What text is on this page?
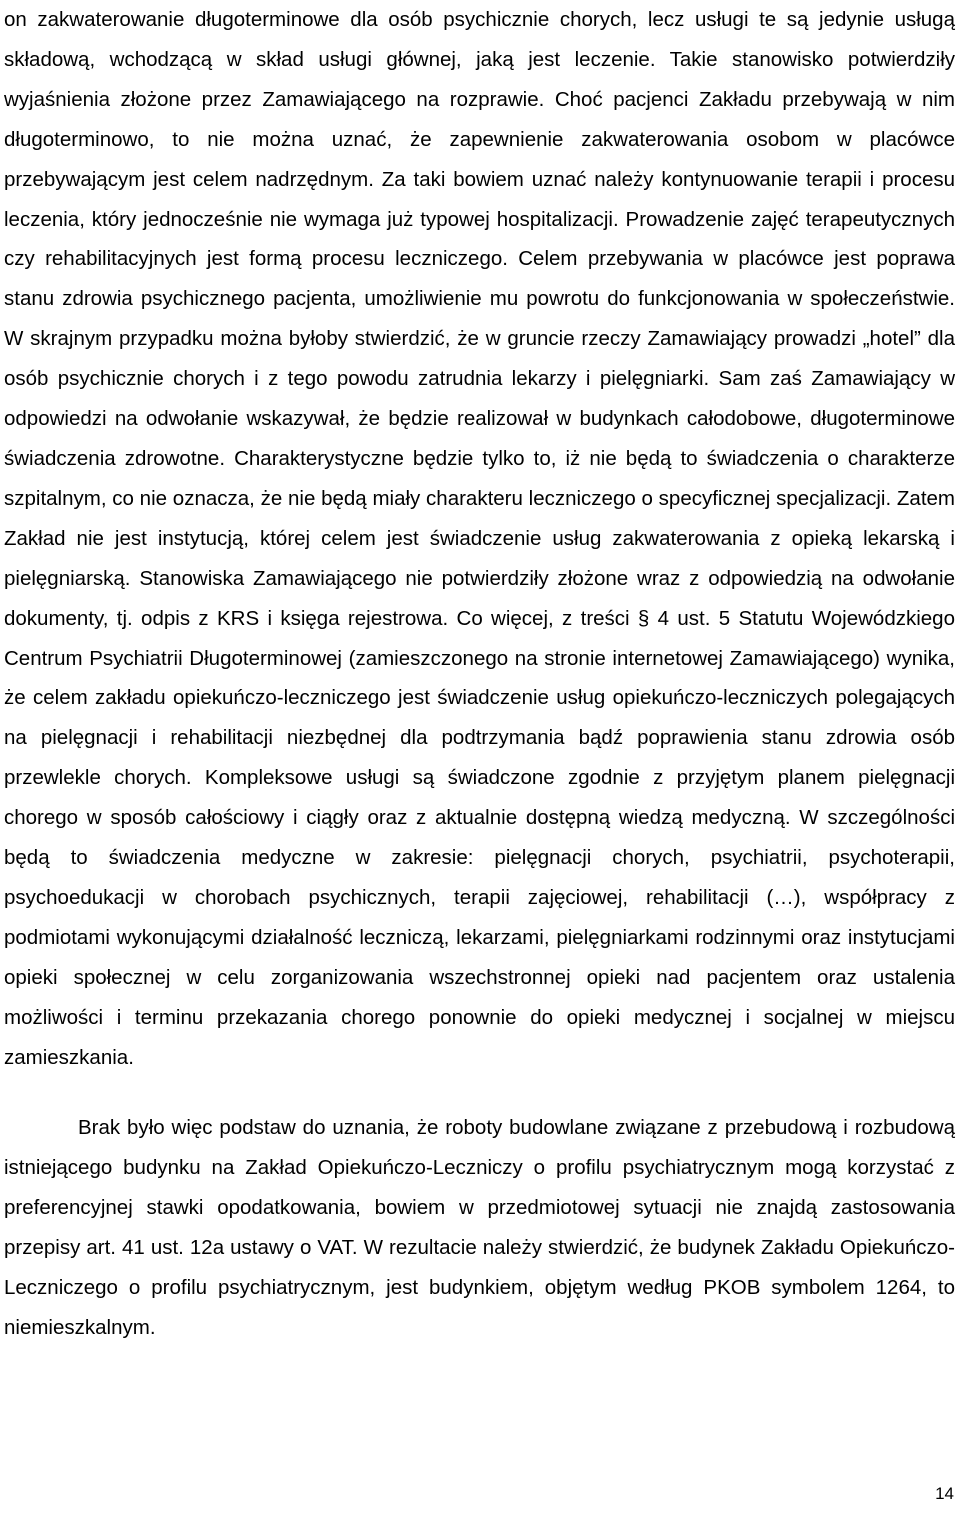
on zakwaterowanie długoterminowe dla osób psychicznie chorych, lecz usługi te są jedynie usługą składową, wchodzącą w skład usługi głównej, jaką jest leczenie. Takie stanowisko potwierdziły wyjaśnienia złożone przez Zamawiającego na rozprawie. Choć pacjenci Zakładu przebywają w nim długoterminowo, to nie można uznać, że zapewnienie zakwaterowania osobom w placówce przebywającym jest celem nadrzędnym. Za taki bowiem uznać należy kontynuowanie terapii i procesu leczenia, który jednocześnie nie wymaga już typowej hospitalizacji. Prowadzenie zajęć terapeutycznych czy rehabilitacyjnych jest formą procesu leczniczego. Celem przebywania w placówce jest poprawa stanu zdrowia psychicznego pacjenta, umożliwienie mu powrotu do funkcjonowania w społeczeństwie. W skrajnym przypadku można byłoby stwierdzić, że w gruncie rzeczy Zamawiający prowadzi „hotel” dla osób psychicznie chorych i z tego powodu zatrudnia lekarzy i pielęgniarki. Sam zaś Zamawiający w odpowiedzi na odwołanie wskazywał, że będzie realizował w budynkach całodobowe, długoterminowe świadczenia zdrowotne. Charakterystyczne będzie tylko to, iż nie będą to świadczenia o charakterze szpitalnym, co nie oznacza, że nie będą miały charakteru leczniczego o specyficznej specjalizacji. Zatem Zakład nie jest instytucją, której celem jest świadczenie usług zakwaterowania z opieką lekarską i pielęgniarską. Stanowiska Zamawiającego nie potwierdziły złożone wraz z odpowiedzią na odwołanie dokumenty, tj. odpis z KRS i księga rejestrowa. Co więcej, z treści § 4 ust. 5 Statutu Wojewódzkiego Centrum Psychiatrii Długoterminowej (zamieszczonego na stronie internetowej Zamawiającego) wynika, że celem zakładu opiekuńczo-leczniczego jest świadczenie usług opiekuńczo-leczniczych polegających na pielęgnacji i rehabilitacji niezbędnej dla podtrzymania bądź poprawienia stanu zdrowia osób przewlekle chorych. Kompleksowe usługi są świadczone zgodnie z przyjętym planem pielęgnacji chorego w sposób całościowy i ciągły oraz z aktualnie dostępną wiedzą medyczną. W szczególności będą to świadczenia medyczne w zakresie: pielęgnacji chorych, psychiatrii, psychoterapii, psychoedukacji w chorobach psychicznych, terapii zajęciowej, rehabilitacji (…), współpracy z podmiotami wykonującymi działalność leczniczą, lekarzami, pielęgniarkami rodzinnymi oraz instytucjami opieki społecznej w celu zorganizowania wszechstronnej opieki nad pacjentem oraz ustalenia możliwości i terminu przekazania chorego ponownie do opieki medycznej i socjalnej w miejscu zamieszkania.

Brak było więc podstaw do uznania, że roboty budowlane związane z przebudową i rozbudową istniejącego budynku na Zakład Opiekuńczo-Leczniczy o profilu psychiatrycznym mogą korzystać z preferencyjnej stawki opodatkowania, bowiem w przedmiotowej sytuacji nie znajdą zastosowania przepisy art. 41 ust. 12a ustawy o VAT. W rezultacie należy stwierdzić, że budynek Zakładu Opiekuńczo-Leczniczego o profilu psychiatrycznym, jest budynkiem, objętym według PKOB symbolem 1264, to niemieszkalnym.

14
